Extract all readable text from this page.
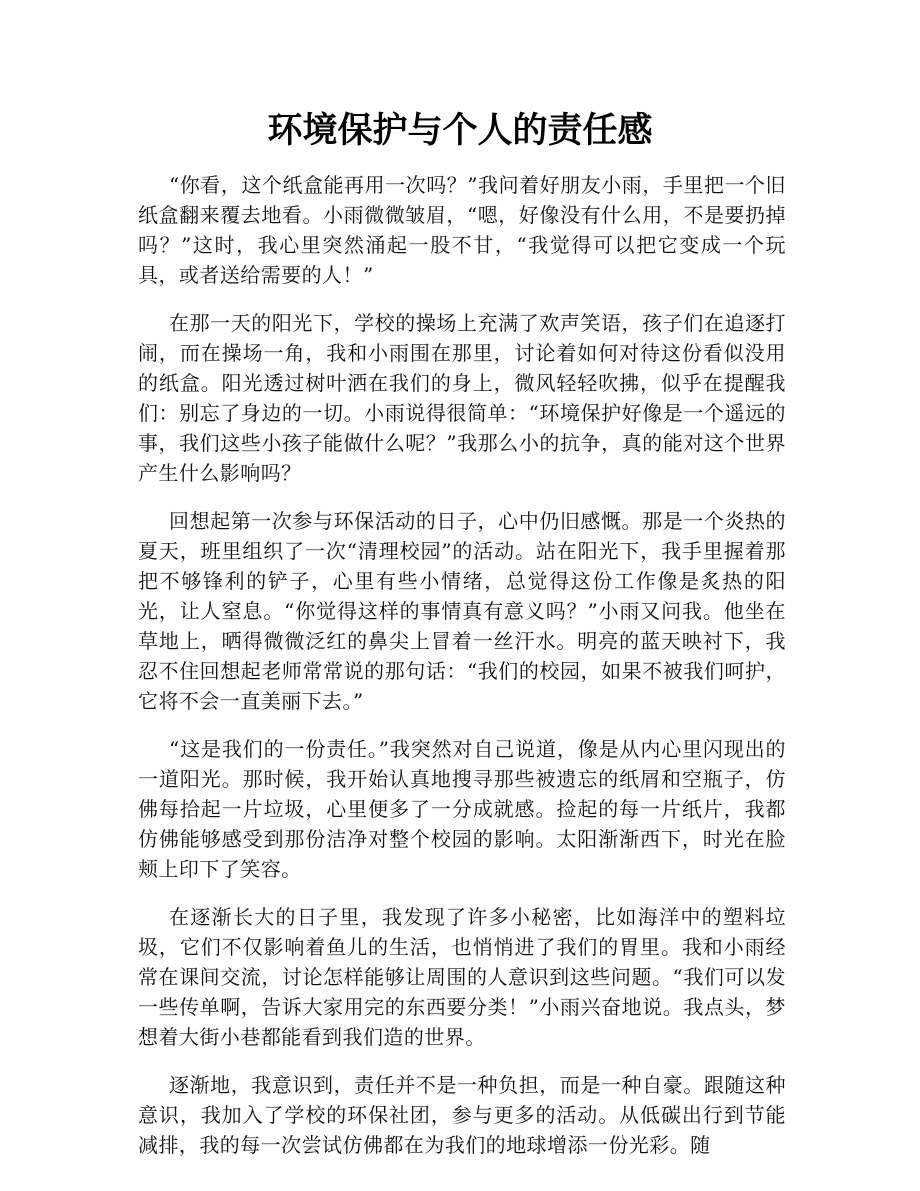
环境保护与个人的责任感

“你看，这个纸盒能再用一次吗？”我问着好朋友小雨，手里把一个旧纸盒翻来覆去地看。小雨微微皱眉，“嗯，好像没有什么用，不是要扔掉吗？”这时，我心里突然涌起一股不甘，“我觉得可以把它变成一个玩具，或者送给需要的人！”

在那一天的阳光下，学校的操场上充满了欢声笑语，孩子们在追逐打闹，而在操场一角，我和小雨围在那里，讨论着如何对待这份看似没用的纸盒。阳光透过树叶洒在我们的身上，微风轻轻吹拂，似乎在提醒我们：别忘了身边的一切。小雨说得很简单：“环境保护好像是一个遥远的事，我们这些小孩子能做什么呢？”我那么小的抗争，真的能对这个世界产生什么影响吗？

回想起第一次参与环保活动的日子，心中仍旧感慨。那是一个炎热的夏天，班里组织了一次“清理校园”的活动。站在阳光下，我手里握着那把不够锋利的铲子，心里有些小情绪，总觉得这份工作像是炙热的阳光，让人窒息。“你觉得这样的事情真有意义吗？”小雨又问我。他坐在草地上，晒得微微泛红的鼻尖上冒着一丝汗水。明亮的蓝天映衬下，我忍不住回想起老师常常说的那句话：“我们的校园，如果不被我们呵护，它将不会一直美丽下去。”

“这是我们的一份责任。”我突然对自己说道，像是从内心里闪现出的一道阳光。那时候，我开始认真地搜寻那些被遗忘的纸屑和空瓶子，仿佛每拾起一片垃圾，心里便多了一分成就感。捡起的每一片纸片，我都仿佛能够感受到那份洁净对整个校园的影响。太阳渐渐西下，时光在脸颊上印下了笑容。

在逐渐长大的日子里，我发现了许多小秘密，比如海洋中的塑料垃圾，它们不仅影响着鱼儿的生活，也悄悄进了我们的胃里。我和小雨经常在课间交流，讨论怎样能够让周围的人意识到这些问题。“我们可以发一些传单啊，告诉大家用完的东西要分类！”小雨兴奋地说。我点头，梦想着大街小巷都能看到我们造的世界。

逐渐地，我意识到，责任并不是一种负担，而是一种自豪。跟随这种意识，我加入了学校的环保社团，参与更多的活动。从低碳出行到节能减排，我的每一次尝试仿佛都在为我们的地球增添一份光彩。随
